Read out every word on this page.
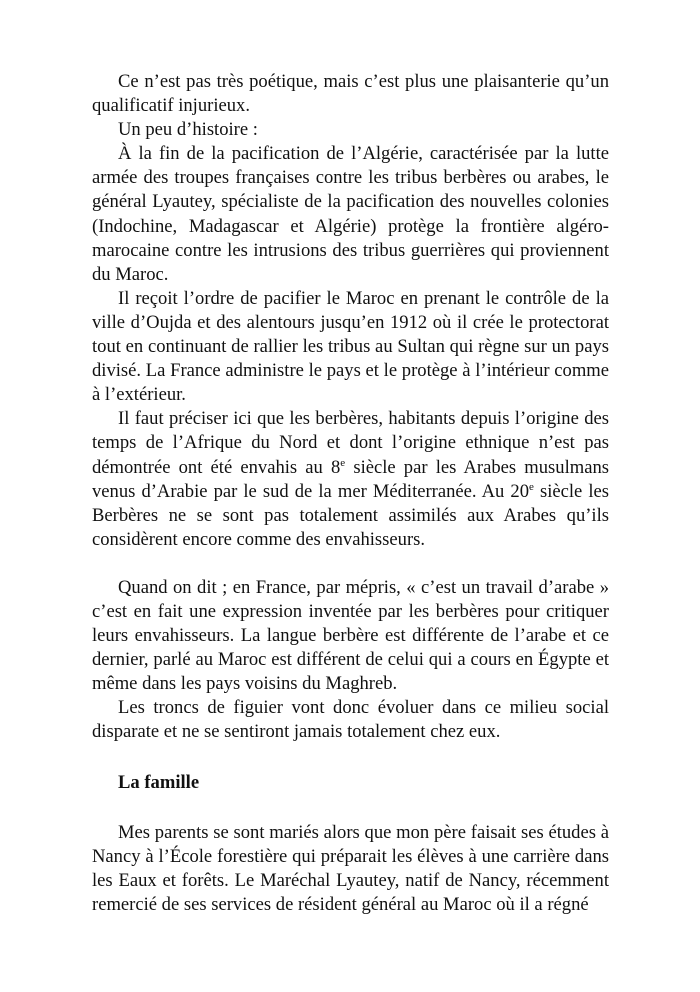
Ce n’est pas très poétique, mais c’est plus une plaisanterie qu’un qualificatif injurieux.

Un peu d’histoire :

À la fin de la pacification de l’Algérie, caractérisée par la lutte armée des troupes françaises contre les tribus berbères ou arabes, le général Lyautey, spécialiste de la pacification des nouvelles colonies (Indochine, Madagascar et Algérie) protège la frontière algéro-marocaine contre les intrusions des tribus guerrières qui proviennent du Maroc.

Il reçoit l’ordre de pacifier le Maroc en prenant le contrôle de la ville d’Oujda et des alentours jusqu’en 1912 où il crée le protectorat tout en continuant de rallier les tribus au Sultan qui règne sur un pays divisé. La France administre le pays et le protège à l’intérieur comme à l’extérieur.

Il faut préciser ici que les berbères, habitants depuis l’origine des temps de l’Afrique du Nord et dont l’origine ethnique n’est pas démontrée ont été envahis au 8e siècle par les Arabes musulmans venus d’Arabie par le sud de la mer Méditerranée. Au 20e siècle les Berbères ne se sont pas totalement assimilés aux Arabes qu’ils considèrent encore comme des envahisseurs.

Quand on dit ; en France, par mépris, « c’est un travail d’arabe » c’est en fait une expression inventée par les berbères pour critiquer leurs envahisseurs. La langue berbère est différente de l’arabe et ce dernier, parlé au Maroc est différent de celui qui a cours en Égypte et même dans les pays voisins du Maghreb.

Les troncs de figuier vont donc évoluer dans ce milieu social disparate et ne se sentiront jamais totalement chez eux.

La famille

Mes parents se sont mariés alors que mon père faisait ses études à Nancy à l’École forestière qui préparait les élèves à une carrière dans les Eaux et forêts. Le Maréchal Lyautey, natif de Nancy, récemment remercié de ses services de résident général au Maroc où il a régné
